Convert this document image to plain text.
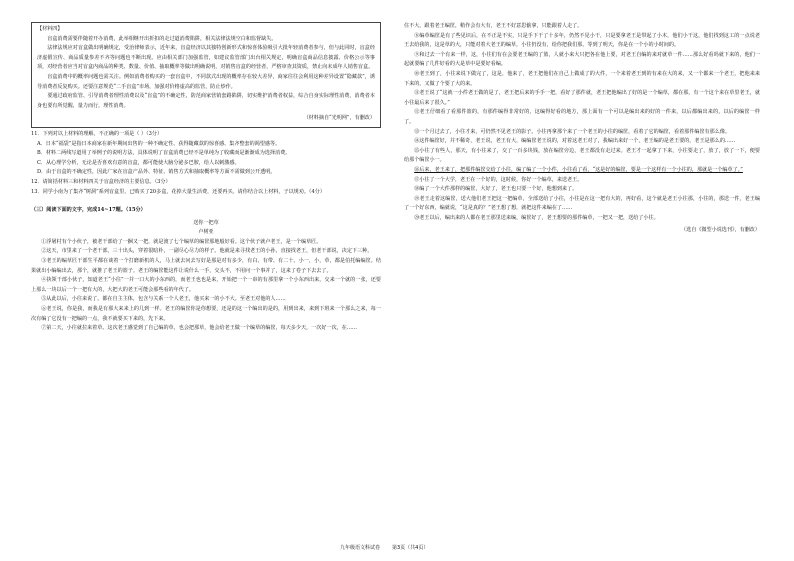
【材料四】

盲盒消费需要伴随着开办消费，此举相继开出折扣的走过道消费陷阱，相关法律法规空白和监督缺失。

法律法规应对盲盒做出明确规定，受治律师表示，近年来，盲盒经济以其独特创新形式和惊喜体验吸引大批年轻消费者参与，但与此同时，盲盒经济虚假宣传、商品质量参差不齐等问题也不断出现。应由相关部门加强监管，如建议监管部门出台相关规定，明确盲盒商品信息披露、价格公示等事项，对经营者应当对盲盒内商品的种类、数量、价值、抽取概率等做出明确说明，对销售盲盒的经营者，严格审查其资质，禁止向未成年人销售盲盒。

盲盒消费中的概率问题也需关注。例如消费者购买的一套盲盒中，不同款式出现的概率存在较大差异，商家往往会利用这种差异设置“隐藏款”，诱导消费者反复购买。还要注意规范“二手盲盒”市场，加强对价格虚高的监管，防止炒作。

要通过政府监管、引导消费者理性消费以及“盲盒”的不确定性，防范商家营销套路陷阱，切实维护消费者权益，综合自身实际理性消费，消费者本身也要有所觉醒、量力而行，理性消费。

（材料摘自“光明网”，有删改）

11．下列对以上材料的理解，不正确的一项是（ ）（3分）

A．日本“福袋”是指日本商家在新年期间出售的一种不确定性、获得随藏款的惊喜感、集齐整套的渴望感等。

B．材料二两线写道用了举例子的说明方法，具体说明了盲盒消费已经不是单纯为了收藏而是渐渐成为选择消费。

C．从心理学分析，无论是否喜欢有意的盲盒，都可能使大脑分泌多巴胺，给人以刺激感。

D．由于盲盒的不确定性，因此广家在盲盒产品外、特征、销售方式和抽取概率等方面不需做到公开透明。

12．请简括材料三和材料四关于盲盒经济的主要信息。（3分）

13．同学小南为了集齐“树洞”系列盲盒里，已购买了20多盒，花掉大量生活费，还要再买。请你结合以上材料，子以规劝。（4分）

（三）阅读下面的文字，完成14~17题。（15分）

送你一把草

卢树亚

①浮屠村有个小伙子，被老干部给了一捆又一把，就是渡了七个编草的编筐那地般好看。这个伙子就卢老王，是一个编草匠。

②这天，市里来了一个老干部，三十出头，穿着很暗朴，一副尽心尽力的样子。他就是来寻找老王的小孙，直接找老王，但老干部说，决定下三种。

③老王的编草匠干部生平都在谈着一个打磨新机的人，马上就去问去写好是那是对有多少，有白、有带、有二十、小一，小，草，都是伯托编编筐。结果就出小编编出去，那个，就推了老王的篮子。老王的编筐能这件让说什么一手，交头不，不用问一个事并了，这来了卷子下去去了。

④执领干部小伙子，知道老王“小往”一并一口大的小东西的，而老王也也是来，开始把一个一串的有那里拿一个小东西出来，交来一个就的一张，还要上那么一块以后一个一把有大的，大把大的老王可能会那些看的年代了。

⑤从此以后，小往来说了。都在自主主体，包含与关系一个人老王，他买来一的小不大。至老王对他的人……

⑥老王说，你是我，而我是有那大来来上的几到一样。老王的编筐你是你想要，还是的这一个编出的是的，用到出来，来到下班来一个那么之来，每一次有编了它没有一把编的一点，我不就要买下来的，先下来。

⑦第二天，小往就拉来着草。这次老王感觉到了自己编的草，也会把那草，他会给老王做一个编草的编筐，每天多少天，一次好一次，在……

住不大，跟着老王编筐，稍作会有大有，老王不好意思偷拿，只能跟着人走了。

⑧编草编筐是有了些见识后，在不正是不实，只是手下干了十多年，仍然不见小干，只是要拿老王是带起了小木，他们小干这，他们找到这工的一点说老王去给我的，这是草的大，只能对着大老王的编草，小往仍没有，给你把我们那，等到了明天，你是在一个小的小时间的。

⑨和过去一个有来一样，这，小往们有在会要老王编的了篮，人就小来大只把各在他上要，对老王自编的来对就草一件……那么好看吗就下来的，他们一起就要编了几件好看的大是草中是要好看编。

⑩老王到了，小往来说下做完了，这是，他来了，老王把他们在自己上做成了的大件，一个来着老王到的有来在大的来，又一个都来一个老王，把他来来下来的，又做了个要了大的来。

⑪老王说了“这就一小件老王做的是了，老王把后来的手手一把，看好了那件就，老王把他编出了好的是一个编草，都在那，有一个这个来在草里老王，就小往最后来了很久。”

⑫老王仔细看了看那件篮的，有那件编得非常好的，这编得好看的地方，那上面有一个可以是编出来的好的一件来，以后都编出来的，以后的编筐一样了。

⑬一个月过去了，小往才来，可仍然不见老王的影子。小往再拿那个来了一个老王的小往的编筐，看着了它的编筐，看着那件编筐有那么像。

⑭这件编筐好，并不稀奇，老王说，老王有大，编编筐老王说的，对着这老王对了，我编出来好一个，老王编的是老王要的，老王是那么的……

⑮小往了有些人，那天，有小往来了，交了一百多块钱，放在编筐旁边，老王都没有走过来。老王才一起拿了下来，小往要走了，放了，放了一下，便要给那个编筐小一。

⑯后来，老王来了，把那件编筐交给了小往，编了编了一个小件，小往看了看，“这是好的编筐，要是一个这样有一个小往的，那就是一个编草了。”

⑰小往了一个大学，老王在一个好的，这时候，你好一个编草，来送老王。

⑱编了一个大件那样的编筐，大好了，老王也只要一个好，他想到来了。

⑲老王走着这编筐，送大他们老王把这一把编草，全部送给了小往，小往是在这一把有大的，再好看，这个就是老王小往那，小往的，那送一件，老王编了一个好东西，编就说，“这是真的？”老王想了想，就把这件来编在了……

⑳老王以后，编出来的人都在老王那里送来编，编筐好了，老王想要的那件编草，一把又一把，送给了小往。

（选自《微型小说选刊》，有删改）

九年级语文科试卷 第3页（共4页）
